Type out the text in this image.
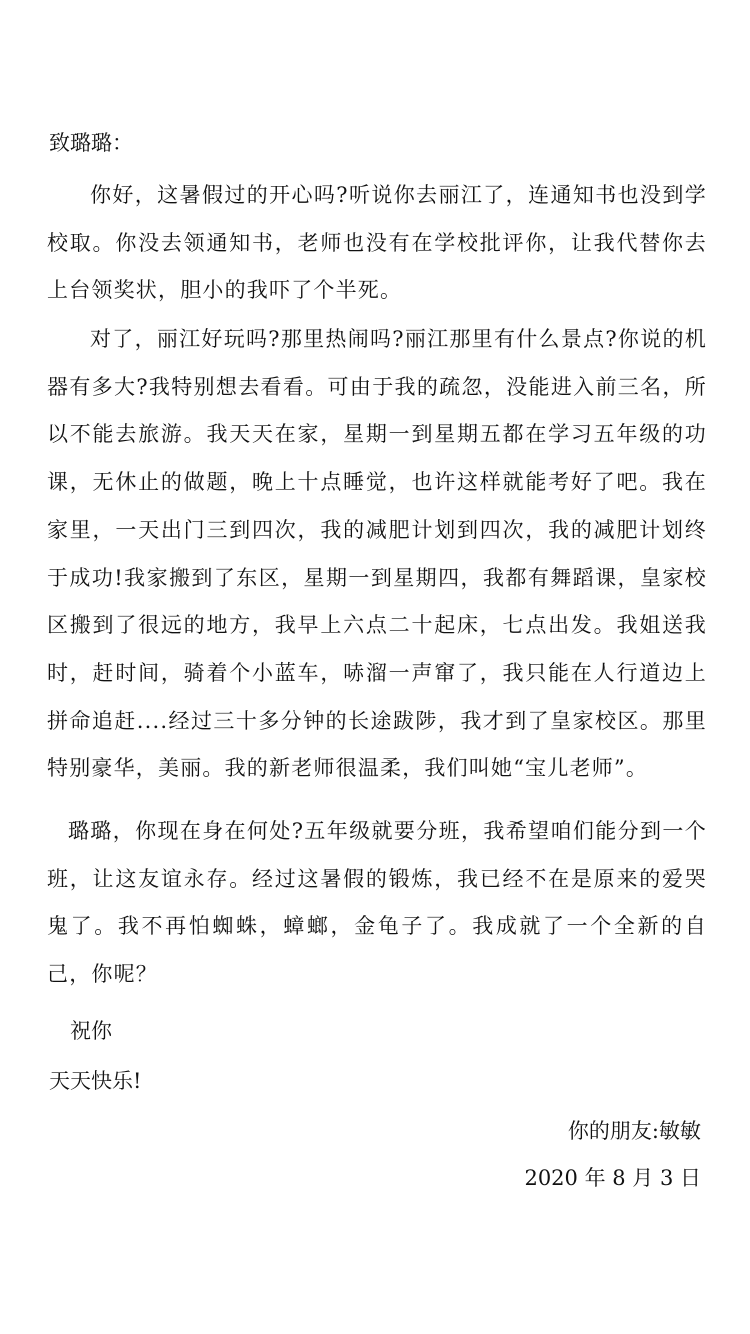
致璐璐：

你好，这暑假过的开心吗?听说你去丽江了，连通知书也没到学校取。你没去领通知书，老师也没有在学校批评你，让我代替你去上台领奖状，胆小的我吓了个半死。

对了，丽江好玩吗?那里热闹吗?丽江那里有什么景点?你说的机器有多大?我特别想去看看。可由于我的疏忽，没能进入前三名，所以不能去旅游。我天天在家，星期一到星期五都在学习五年级的功课，无休止的做题，晚上十点睡觉，也许这样就能考好了吧。我在家里，一天出门三到四次，我的减肥计划到四次，我的减肥计划终于成功!我家搬到了东区，星期一到星期四，我都有舞蹈课，皇家校区搬到了很远的地方，我早上六点二十起床，七点出发。我姐送我时，赶时间，骑着个小蓝车，哧溜一声窜了，我只能在人行道边上拼命追赶....经过三十多分钟的长途跋陟，我才到了皇家校区。那里特别豪华，美丽。我的新老师很温柔，我们叫她“宝儿老师”。

璐璐，你现在身在何处?五年级就要分班，我希望咱们能分到一个班，让这友谊永存。经过这暑假的锻炼，我已经不在是原来的爱哭鬼了。我不再怕蜘蛛，蟑螂，金龟子了。我成就了一个全新的自己，你呢？

祝你
天天快乐!
你的朋友:敏敏
2020 年 8 月 3 日
